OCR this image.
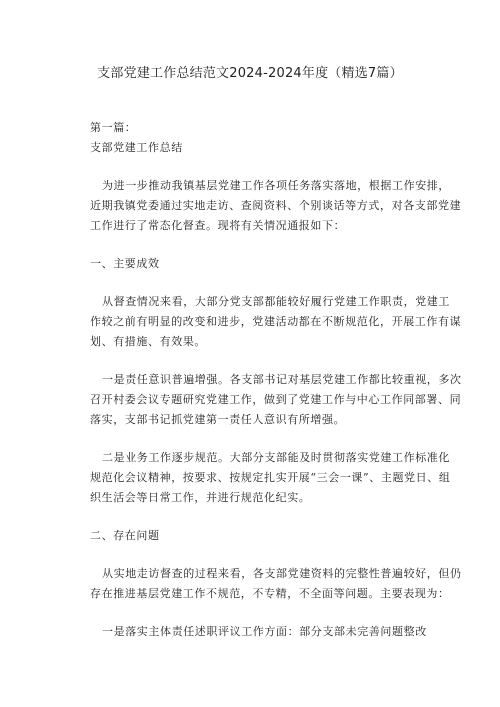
支部党建工作总结范文2024-2024年度（精选7篇）
第一篇：
支部党建工作总结
为进一步推动我镇基层党建工作各项任务落实落地，根据工作安排，
近期我镇党委通过实地走访、查阅资料、个别谈话等方式，对各支部党建
工作进行了常态化督查。现将有关情况通报如下：
一、主要成效
从督查情况来看，大部分党支部都能较好履行党建工作职责，党建工
作较之前有明显的改变和进步，党建活动都在不断规范化，开展工作有谋
划、有措施、有效果。
一是责任意识普遍增强。各支部书记对基层党建工作都比较重视，多次
召开村委会议专题研究党建工作，做到了党建工作与中心工作同部署、同
落实，支部书记抓党建第一责任人意识有所增强。
二是业务工作逐步规范。大部分支部能及时贯彻落实党建工作标准化
规范化会议精神，按要求、按规定扎实开展“三会一课”、主题党日、组
织生活会等日常工作，并进行规范化纪实。
二、存在问题
从实地走访督查的过程来看，各支部党建资料的完整性普遍较好，但仍
存在推进基层党建工作不规范，不专精，不全面等问题。主要表现为：
一是落实主体责任述职评议工作方面：部分支部未完善问题整改
